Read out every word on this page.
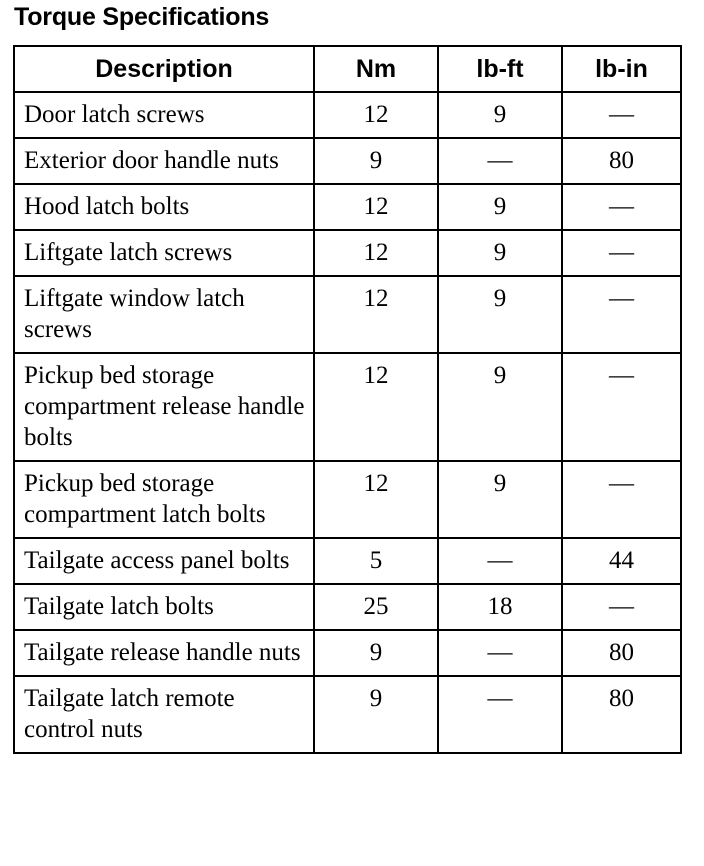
Torque Specifications
Description	Nm	lb-ft	lb-in
Door latch screws	12	9	—
Exterior door handle nuts	9	—	80
Hood latch bolts	12	9	—
Liftgate latch screws	12	9	—
Liftgate window latch screws	12	9	—
Pickup bed storage compartment release handle bolts	12	9	—
Pickup bed storage compartment latch bolts	12	9	—
Tailgate access panel bolts	5	—	44
Tailgate latch bolts	25	18	—
Tailgate release handle nuts	9	—	80
Tailgate latch remote control nuts	9	—	80
